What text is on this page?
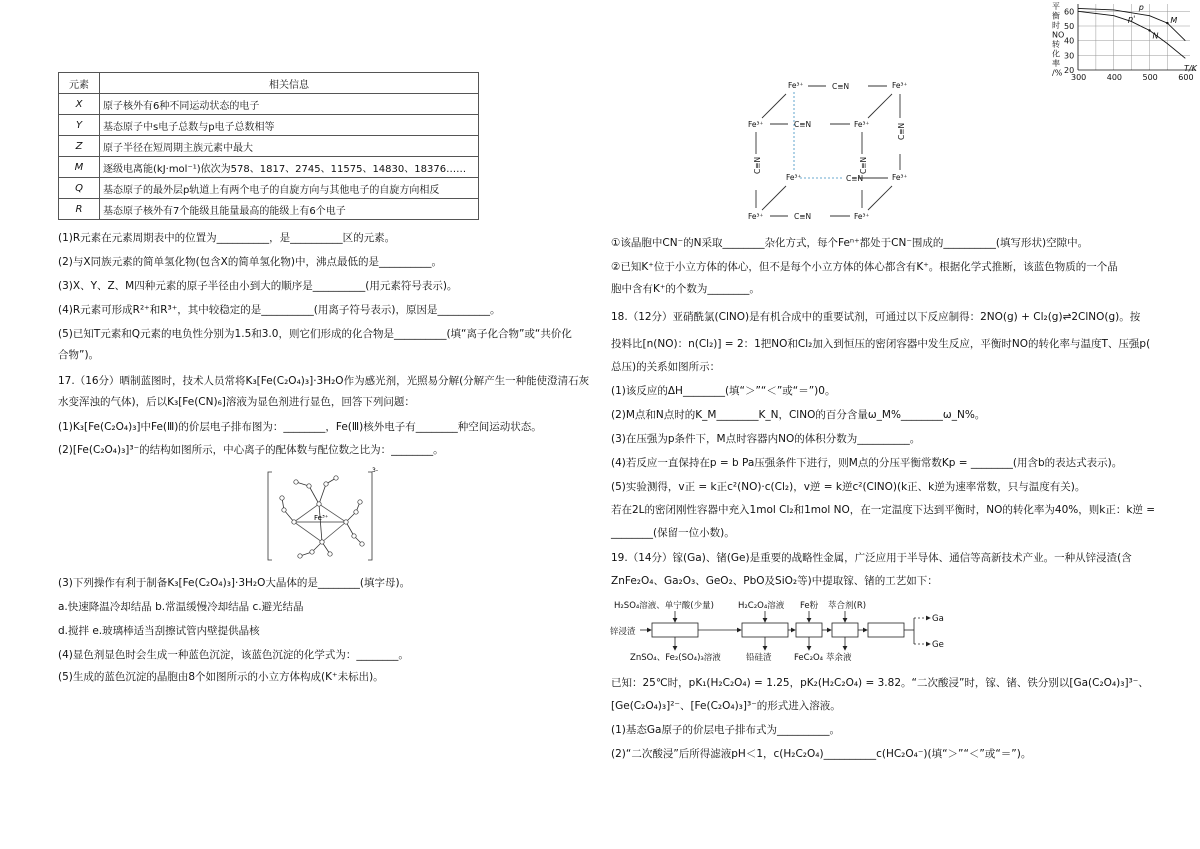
元素	相关信息
X	原子核外有6种不同运动状态的电子
Y	基态原子中s电子总数与p电子总数相等
Z	原子半径在短周期主族元素中最大
M	逐级电离能(kJ·mol⁻¹)依次为578、1817、2745、11575、14830、18376……
Q	基态原子的最外层p轨道上有两个电子的自旋方向与其他电子的自旋方向相反
R	基态原子核外有7个能级且能量最高的能级上有6个电子
(1)R元素在元素周期表中的位置为__________，是__________区的元素。
(2)与X同族元素的简单氢化物(包含X的简单氢化物)中，沸点最低的是__________。
(3)X、Y、Z、M四种元素的原子半径由小到大的顺序是__________(用元素符号表示)。
(4)R元素可形成R²⁺和R³⁺，其中较稳定的是__________(用离子符号表示)，原因是__________。
(5)已知T元素和Q元素的电负性分别为1.5和3.0，则它们形成的化合物是__________(填“离子化合物”或“共价化
合物”)。
17.（16分）晒制蓝图时，技术人员常将K₃[Fe(C₂O₄)₃]·3H₂O作为感光剂，光照易分解(分解产生一种能使澄清石灰
水变浑浊的气体)，后以K₃[Fe(CN)₆]溶液为显色剂进行显色，回答下列问题：
(1)K₃[Fe(C₂O₄)₃]中Fe(Ⅲ)的价层电子排布图为：________，Fe(Ⅲ)核外电子有________种空间运动状态。
(2)[Fe(C₂O₄)₃]³⁻的结构如图所示，中心离子的配体数与配位数之比为：________。
Fe³⁺
3-
(3)下列操作有利于制备K₃[Fe(C₂O₄)₃]·3H₂O大晶体的是________(填字母)。
a.快速降温冷却结晶 b.常温缓慢冷却结晶 c.避光结晶
d.搅拌 e.玻璃棒适当刮擦试管内壁提供晶核
(4)显色剂显色时会生成一种蓝色沉淀，该蓝色沉淀的化学式为：________。
(5)生成的蓝色沉淀的晶胞由8个如图所示的小立方体构成(K⁺未标出)。
Fe³⁺	Fe³⁺
Fe³⁺	Fe³⁺
Fe³⁺	Fe³⁺
Fe³⁺	Fe³⁺
C≡N
C≡N
C≡N
C≡N
C≡N	C≡N
C≡N
①该晶胞中CN⁻的N采取________杂化方式，每个Feⁿ⁺都处于CN⁻围成的__________(填写形状)空隙中。
②已知K⁺位于小立方体的体心，但不是每个小立方体的体心都含有K⁺。根据化学式推断，该蓝色物质的一个晶
胞中含有K⁺的个数为________。
18.（12分）亚硝酰氯(ClNO)是有机合成中的重要试剂，可通过以下反应制得：2NO(g) + Cl₂(g)⇌2ClNO(g)。按
投料比[n(NO)：n(Cl₂)] = 2：1把NO和Cl₂加入到恒压的密闭容器中发生反应，平衡时NO的转化率与温度T、压强p(
总压)的关系如图所示：
(1)该反应的ΔH________(填“＞”“＜”或“＝”)0。
(2)M点和N点时的K_M________K_N，ClNO的百分含量ω_M%________ω_N%。
(3)在压强为p条件下，M点时容器内NO的体积分数为__________。
(4)若反应一直保持在p = b Pa压强条件下进行，则M点的分压平衡常数Kp = ________(用含b的表达式表示)。
(5)实验测得，v正 = k正c²(NO)·c(Cl₂)，v逆 = k逆c²(ClNO)(k正、k逆为速率常数，只与温度有关)。
若在2L的密闭刚性容器中充入1mol Cl₂和1mol NO，在一定温度下达到平衡时，NO的转化率为40%，则k正：k逆 =
________(保留一位小数)。
19.（14分）镓(Ga)、锗(Ge)是重要的战略性金属，广泛应用于半导体、通信等高新技术产业。一种从锌浸渣(含
ZnFe₂O₄、Ga₂O₃、GeO₂、PbO及SiO₂等)中提取镓、锗的工艺如下：
H₂SO₄溶液、单宁酸(少量)	H₂C₂O₄溶液 Fe粉 萃合剂(R)
锌浸渣
ZnSO₄、Fe₂(SO₄)₃溶液	铅硅渣	FeC₂O₄ 萃余液
Ga
Ge
已知：25℃时，pK₁(H₂C₂O₄) = 1.25，pK₂(H₂C₂O₄) = 3.82。“二次酸浸”时，镓、锗、铁分别以[Ga(C₂O₄)₃]³⁻、
[Ge(C₂O₄)₃]²⁻、[Fe(C₂O₄)₃]³⁻的形式进入溶液。
(1)基态Ga原子的价层电子排布式为__________。
(2)“二次酸浸”后所得滤液pH＜1，c(H₂C₂O₄)__________c(HC₂O₄⁻)(填“＞”“＜”或“＝”)。
平
衡
时
NO
转
化
率
/%
60
50
40
30
20
300	400	500	600
p
p'	M
N
T/K
